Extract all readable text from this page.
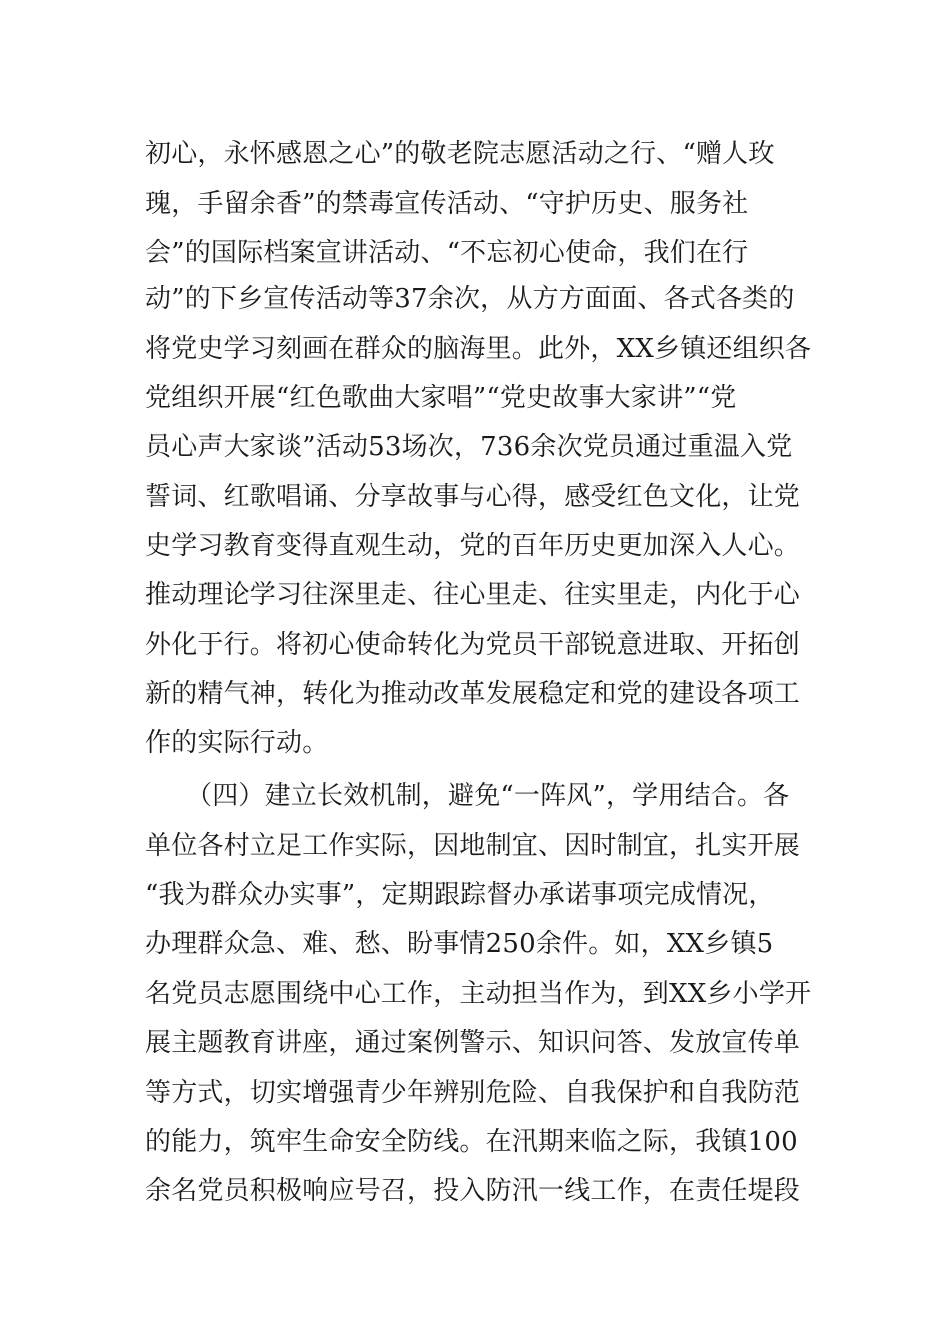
初心，永怀感恩之心”的敬老院志愿活动之行、“赠人玫
瑰，手留余香”的禁毒宣传活动、“守护历史、服务社
会”的国际档案宣讲活动、“不忘初心使命，我们在行
动”的下乡宣传活动等37余次，从方方面面、各式各类的
将党史学习刻画在群众的脑海里。此外，XX乡镇还组织各
党组织开展“红色歌曲大家唱”“党史故事大家讲”“党
员心声大家谈”活动53场次，736余次党员通过重温入党
誓词、红歌唱诵、分享故事与心得，感受红色文化，让党
史学习教育变得直观生动，党的百年历史更加深入人心。
推动理论学习往深里走、往心里走、往实里走，内化于心
外化于行。将初心使命转化为党员干部锐意进取、开拓创
新的精气神，转化为推动改革发展稳定和党的建设各项工
作的实际行动。
（四）建立长效机制，避免“一阵风”，学用结合。各
单位各村立足工作实际，因地制宜、因时制宜，扎实开展
“我为群众办实事”，定期跟踪督办承诺事项完成情况，
办理群众急、难、愁、盼事情250余件。如，XX乡镇5
名党员志愿围绕中心工作，主动担当作为，到XX乡小学开
展主题教育讲座，通过案例警示、知识问答、发放宣传单
等方式，切实增强青少年辨别危险、自我保护和自我防范
的能力，筑牢生命安全防线。在汛期来临之际，我镇100
余名党员积极响应号召，投入防汛一线工作，在责任堤段
